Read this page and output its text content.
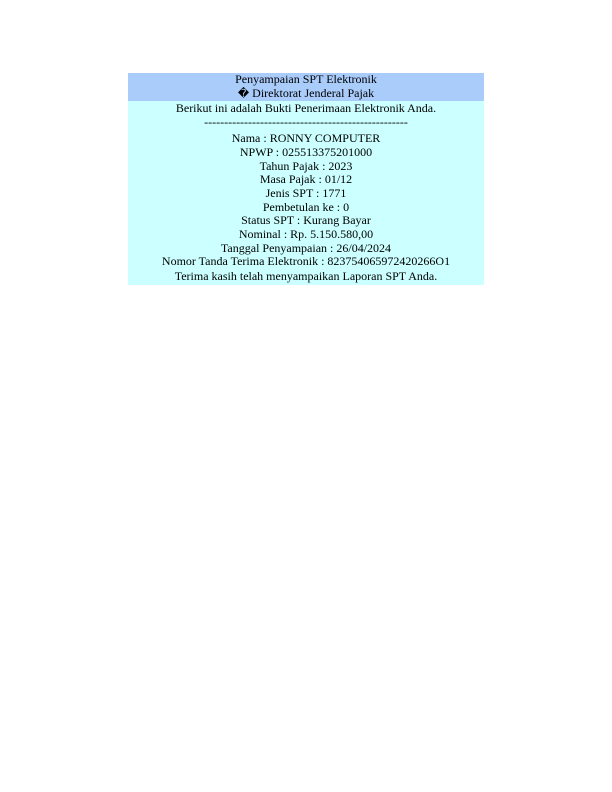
Penyampaian SPT Elektronik
� Direktorat Jenderal Pajak
Berikut ini adalah Bukti Penerimaan Elektronik Anda.
---------------------------------------------------
Nama : RONNY COMPUTER
NPWP : 025513375201000
Tahun Pajak : 2023
Masa Pajak : 01/12
Jenis SPT : 1771
Pembetulan ke : 0
Status SPT : Kurang Bayar
Nominal : Rp. 5.150.580,00
Tanggal Penyampaian : 26/04/2024
Nomor Tanda Terima Elektronik : 823754065972420266O1
Terima kasih telah menyampaikan Laporan SPT Anda.
